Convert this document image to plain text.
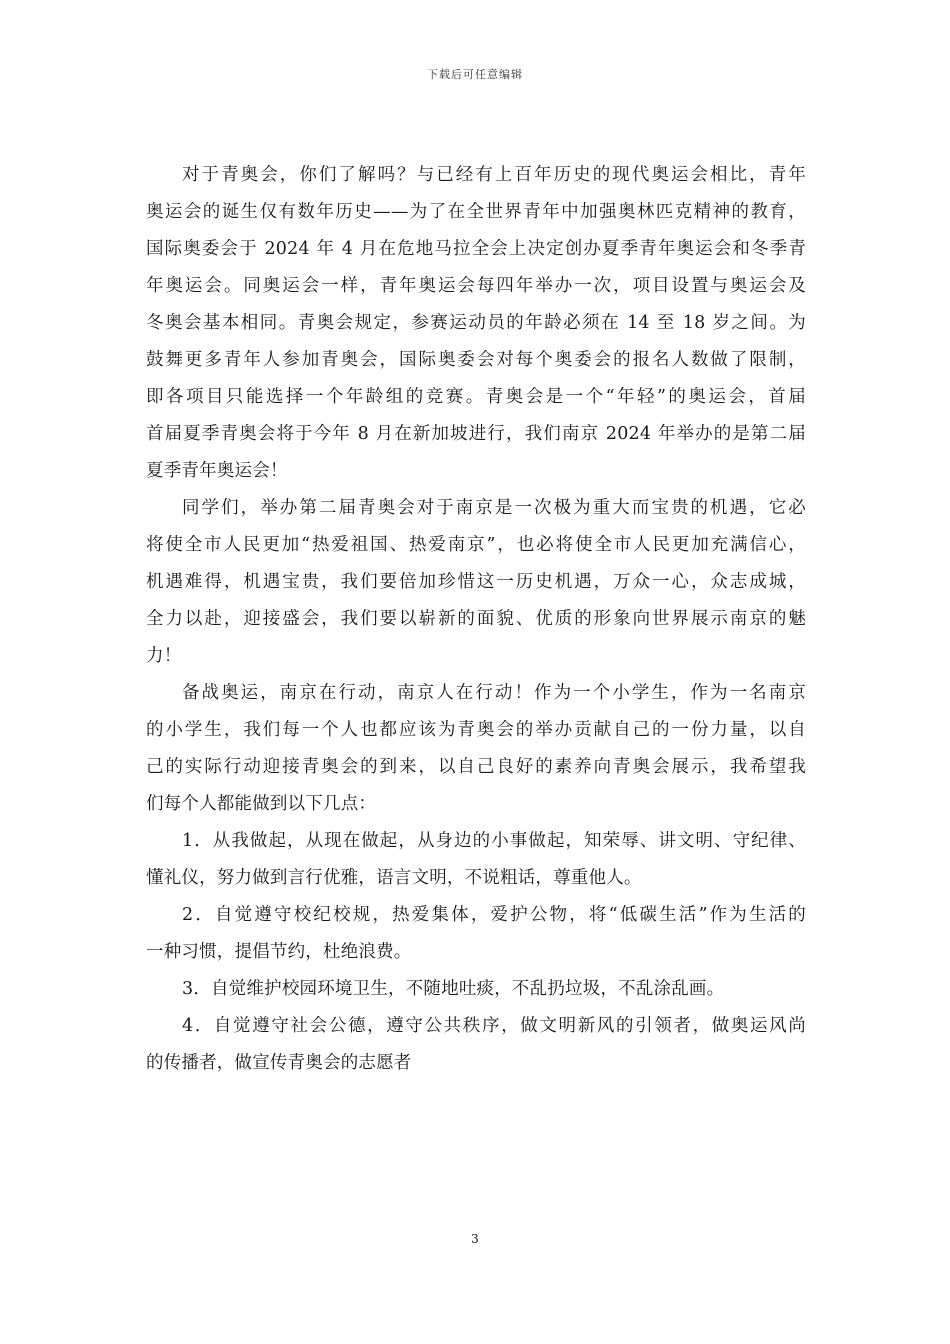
下载后可任意编辑
对于青奥会，你们了解吗？与已经有上百年历史的现代奥运会相比，青年
奥运会的诞生仅有数年历史——为了在全世界青年中加强奥林匹克精神的教育，
国际奥委会于 2024 年 4 月在危地马拉全会上决定创办夏季青年奥运会和冬季青
年奥运会。同奥运会一样，青年奥运会每四年举办一次，项目设置与奥运会及
冬奥会基本相同。青奥会规定，参赛运动员的年龄必须在 14 至 18 岁之间。为
鼓舞更多青年人参加青奥会，国际奥委会对每个奥委会的报名人数做了限制，
即各项目只能选择一个年龄组的竞赛。青奥会是一个“年轻”的奥运会，首届
首届夏季青奥会将于今年 8 月在新加坡进行，我们南京 2024 年举办的是第二届
夏季青年奥运会！
同学们，举办第二届青奥会对于南京是一次极为重大而宝贵的机遇，它必
将使全市人民更加“热爱祖国、热爱南京”，也必将使全市人民更加充满信心，
机遇难得，机遇宝贵，我们要倍加珍惜这一历史机遇，万众一心，众志成城，
全力以赴，迎接盛会，我们要以崭新的面貌、优质的形象向世界展示南京的魅
力！
备战奥运，南京在行动，南京人在行动！作为一个小学生，作为一名南京
的小学生，我们每一个人也都应该为青奥会的举办贡献自己的一份力量，以自
己的实际行动迎接青奥会的到来，以自己良好的素养向青奥会展示，我希望我
们每个人都能做到以下几点：
1．从我做起，从现在做起，从身边的小事做起，知荣辱、讲文明、守纪律、
懂礼仪，努力做到言行优雅，语言文明，不说粗话，尊重他人。
2．自觉遵守校纪校规，热爱集体，爱护公物，将“低碳生活”作为生活的
一种习惯，提倡节约，杜绝浪费。
3．自觉维护校园环境卫生，不随地吐痰，不乱扔垃圾，不乱涂乱画。
4．自觉遵守社会公德，遵守公共秩序，做文明新风的引领者，做奥运风尚
的传播者，做宣传青奥会的志愿者
3
